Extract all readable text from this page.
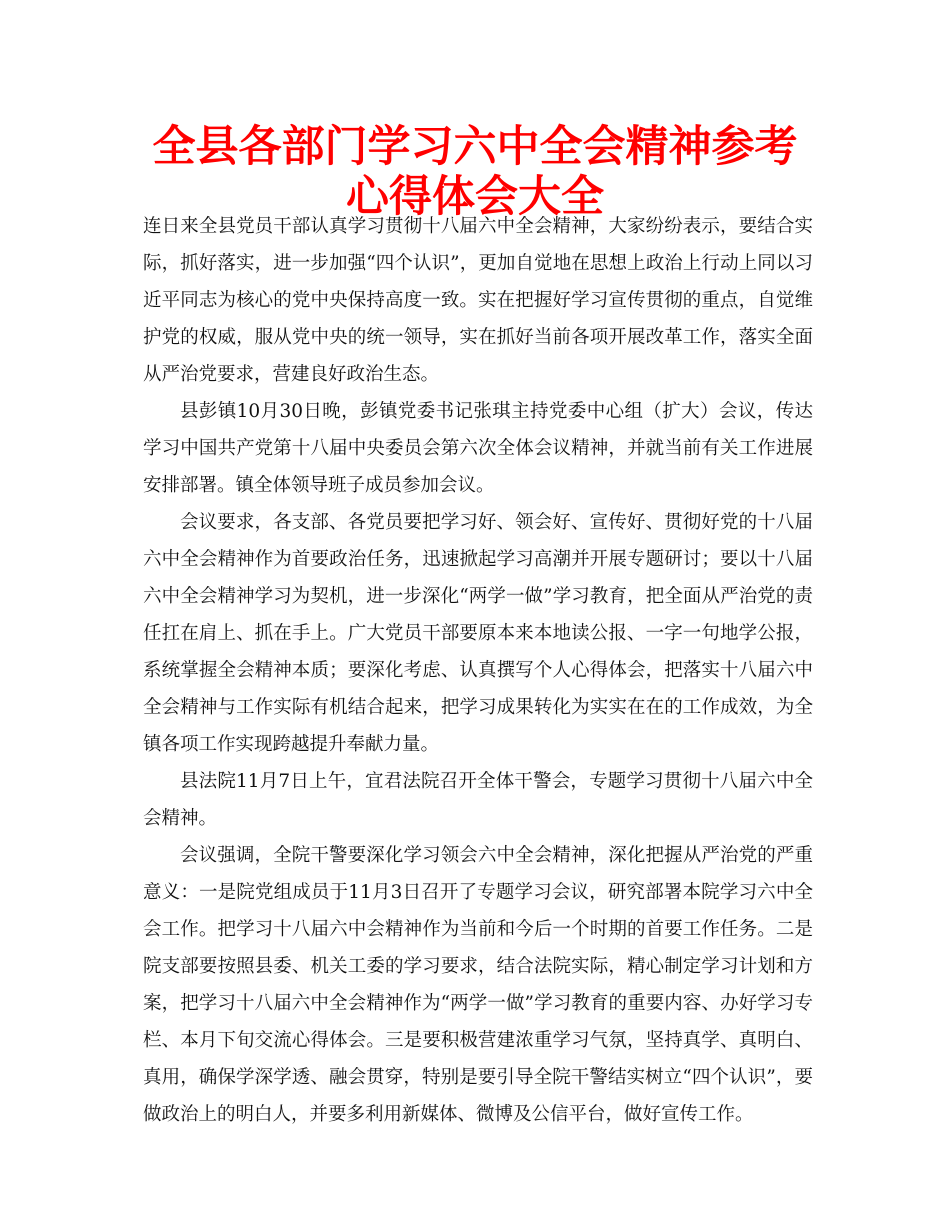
全县各部门学习六中全会精神参考心得体会大全

连日来全县党员干部认真学习贯彻十八届六中全会精神，大家纷纷表示，要结合实际，抓好落实，进一步加强“四个认识”，更加自觉地在思想上政治上行动上同以习近平同志为核心的党中央保持高度一致。实在把握好学习宣传贯彻的重点，自觉维护党的权威，服从党中央的统一领导，实在抓好当前各项开展改革工作，落实全面从严治党要求，营建良好政治生态。

县彭镇10月30日晚，彭镇党委书记张琪主持党委中心组（扩大）会议，传达学习中国共产党第十八届中央委员会第六次全体会议精神，并就当前有关工作进展安排部署。镇全体领导班子成员参加会议。

会议要求，各支部、各党员要把学习好、领会好、宣传好、贯彻好党的十八届六中全会精神作为首要政治任务，迅速掀起学习高潮并开展专题研讨；要以十八届六中全会精神学习为契机，进一步深化“两学一做”学习教育，把全面从严治党的责任扛在肩上、抓在手上。广大党员干部要原本来本地读公报、一字一句地学公报，系统掌握全会精神本质；要深化考虑、认真撰写个人心得体会，把落实十八届六中全会精神与工作实际有机结合起来，把学习成果转化为实实在在的工作成效，为全镇各项工作实现跨越提升奉献力量。

县法院11月7日上午，宜君法院召开全体干警会，专题学习贯彻十八届六中全会精神。

会议强调，全院干警要深化学习领会六中全会精神，深化把握从严治党的严重意义：一是院党组成员于11月3日召开了专题学习会议，研究部署本院学习六中全会工作。把学习十八届六中会精神作为当前和今后一个时期的首要工作任务。二是院支部要按照县委、机关工委的学习要求，结合法院实际，精心制定学习计划和方案，把学习十八届六中全会精神作为“两学一做”学习教育的重要内容、办好学习专栏、本月下旬交流心得体会。三是要积极营建浓重学习气氛，坚持真学、真明白、真用，确保学深学透、融会贯穿，特别是要引导全院干警结实树立“四个认识”，要做政治上的明白人，并要多利用新媒体、微博及公信平台，做好宣传工作。
